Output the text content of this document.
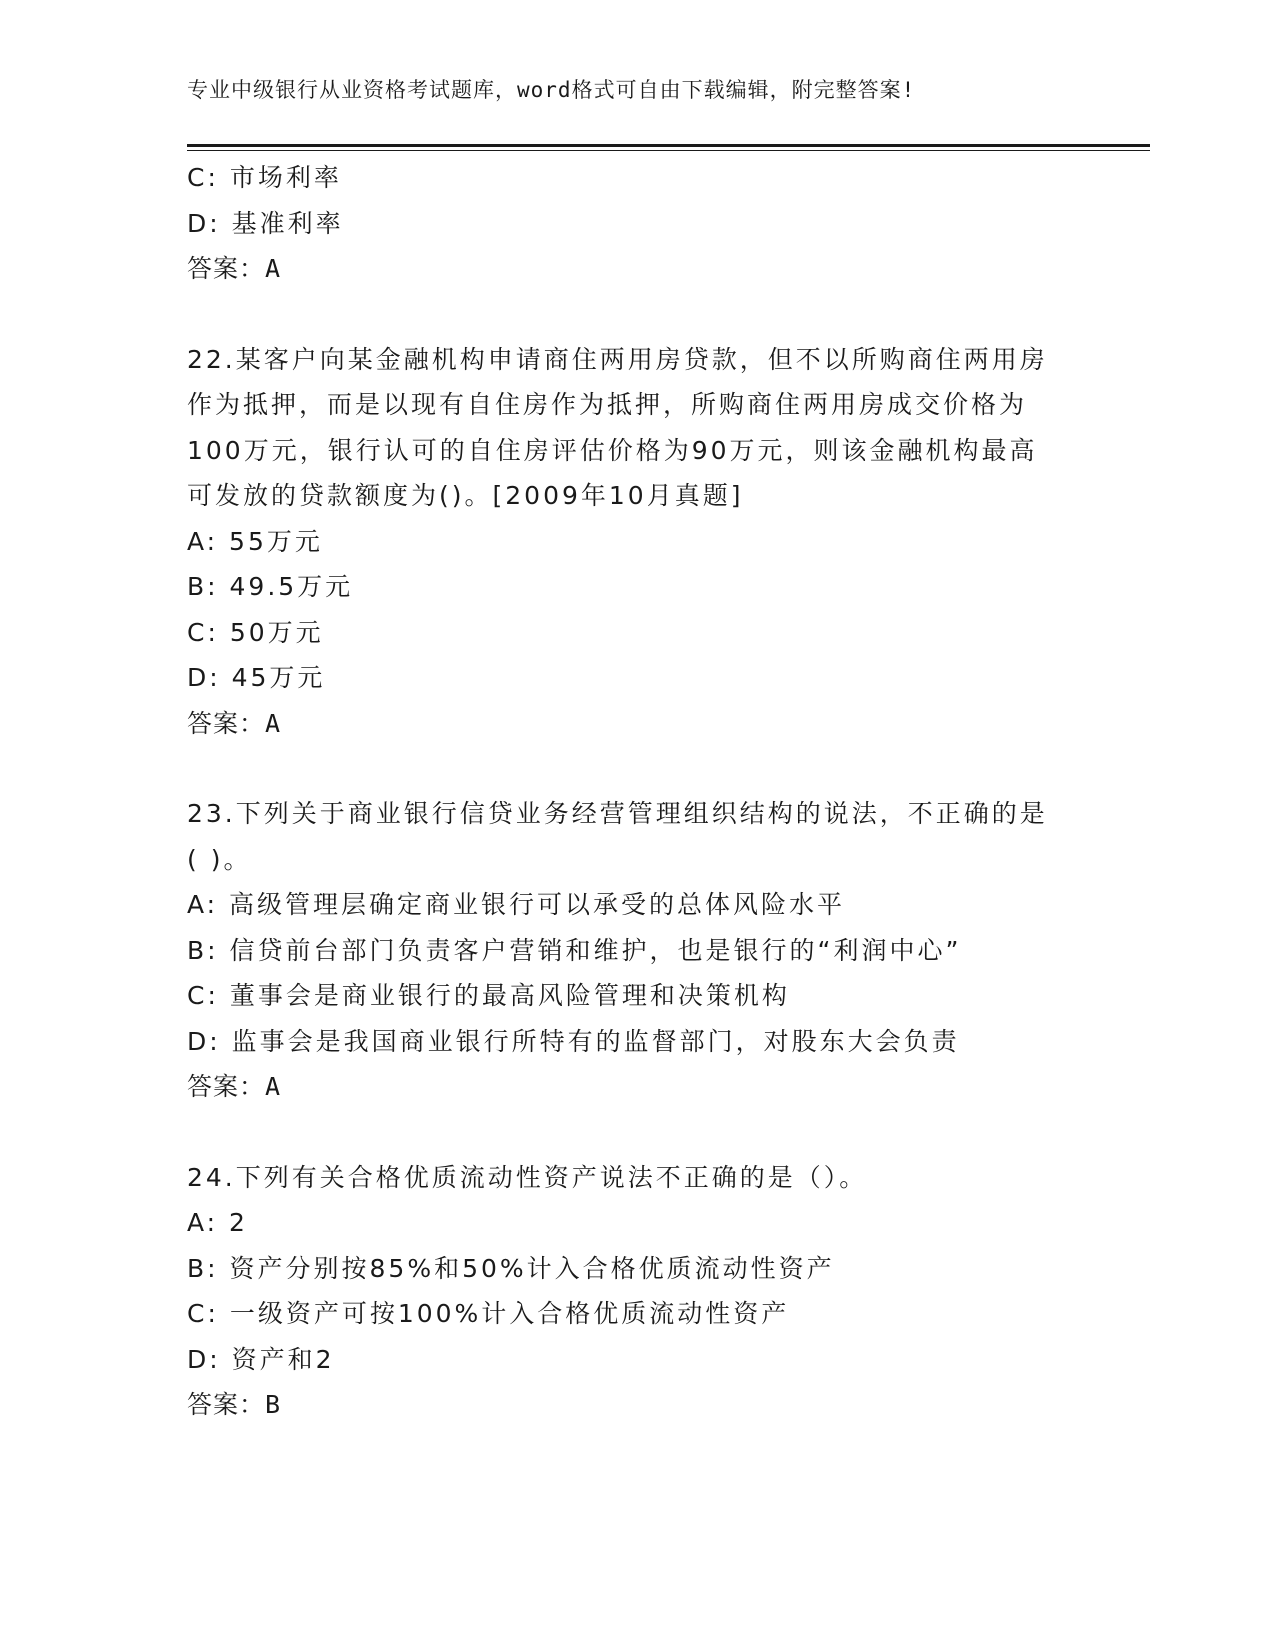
专业中级银行从业资格考试题库，word格式可自由下载编辑，附完整答案!
C: 市场利率
D: 基准利率
答案：A
22.某客户向某金融机构申请商住两用房贷款，但不以所购商住两用房
作为抵押，而是以现有自住房作为抵押，所购商住两用房成交价格为
100万元，银行认可的自住房评估价格为90万元，则该金融机构最高
可发放的贷款额度为()。[2009年10月真题]
A: 55万元
B: 49.5万元
C: 50万元
D: 45万元
答案：A
23.下列关于商业银行信贷业务经营管理组织结构的说法，不正确的是
( )。
A: 高级管理层确定商业银行可以承受的总体风险水平
B: 信贷前台部门负责客户营销和维护，也是银行的“利润中心”
C: 董事会是商业银行的最高风险管理和决策机构
D: 监事会是我国商业银行所特有的监督部门，对股东大会负责
答案：A
24.下列有关合格优质流动性资产说法不正确的是（）。
A: 2
B: 资产分别按85%和50%计入合格优质流动性资产
C: 一级资产可按100%计入合格优质流动性资产
D: 资产和2
答案：B
